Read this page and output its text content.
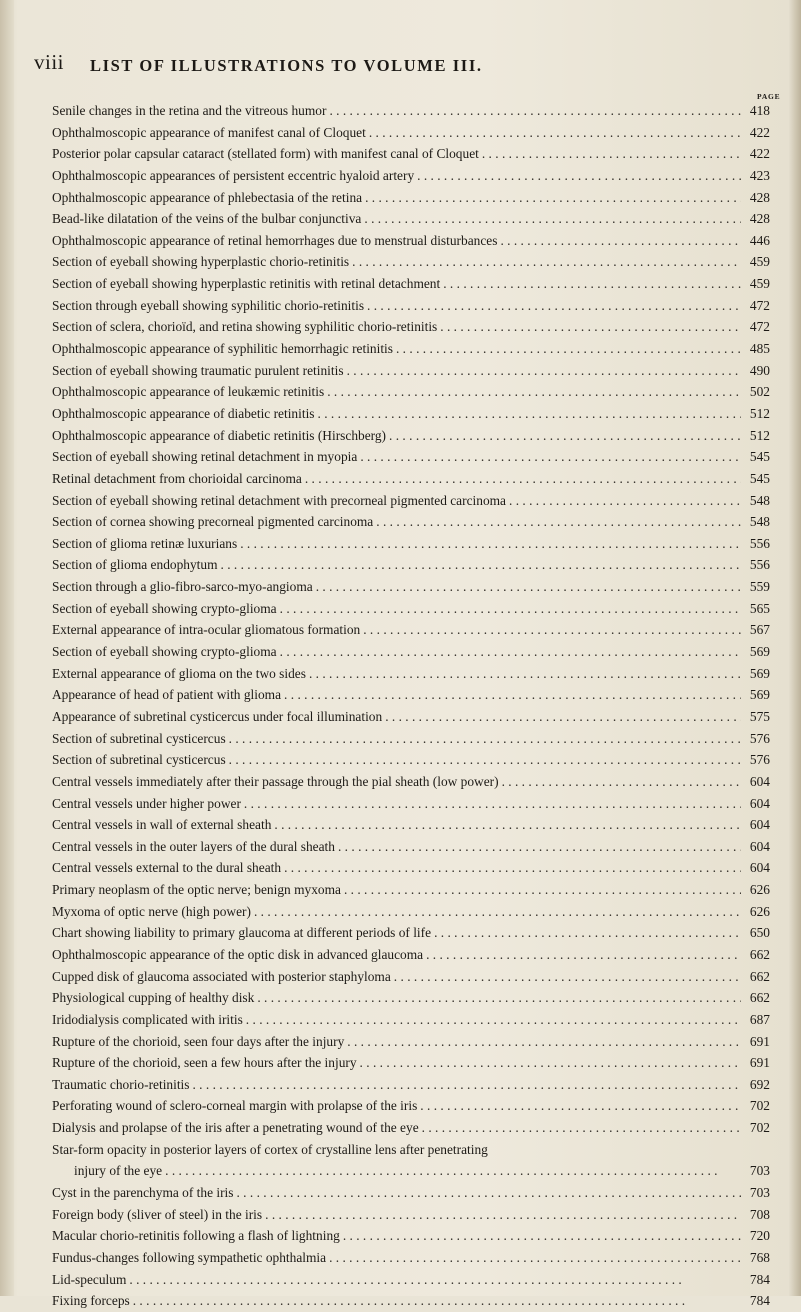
viii LIST OF ILLUSTRATIONS TO VOLUME III.
PAGE
Senile changes in the retina and the vitreous humor . . .	418
Ophthalmoscopic appearance of manifest canal of Cloquet . . .	422
Posterior polar capsular cataract (stellated form) with manifest canal of Cloquet . . .	422
Ophthalmoscopic appearances of persistent eccentric hyaloid artery . . .	423
Ophthalmoscopic appearance of phlebectasia of the retina . . .	428
Bead-like dilatation of the veins of the bulbar conjunctiva . . .	428
Ophthalmoscopic appearance of retinal hemorrhages due to menstrual disturbances . . .	446
Section of eyeball showing hyperplastic chorio-retinitis . . .	459
Section of eyeball showing hyperplastic retinitis with retinal detachment . . .	459
Section through eyeball showing syphilitic chorio-retinitis . . .	472
Section of sclera, chorioïd, and retina showing syphilitic chorio-retinitis . . .	472
Ophthalmoscopic appearance of syphilitic hemorrhagic retinitis . . .	485
Section of eyeball showing traumatic purulent retinitis . . .	490
Ophthalmoscopic appearance of leukæmic retinitis . . .	502
Ophthalmoscopic appearance of diabetic retinitis . . .	512
Ophthalmoscopic appearance of diabetic retinitis (Hirschberg) . . .	512
Section of eyeball showing retinal detachment in myopia . . .	545
Retinal detachment from chorioidal carcinoma . . .	545
Section of eyeball showing retinal detachment with precorneal pigmented carcinoma . . .	548
Section of cornea showing precorneal pigmented carcinoma . . .	548
Section of glioma retinæ luxurians . . .	556
Section of glioma endophytum . . .	556
Section through a glio-fibro-sarco-myo-angioma . . .	559
Section of eyeball showing crypto-glioma . . .	565
External appearance of intra-ocular gliomatous formation . . .	567
Section of eyeball showing crypto-glioma . . .	569
External appearance of glioma on the two sides . . .	569
Appearance of head of patient with glioma . . .	569
Appearance of subretinal cysticercus under focal illumination . . .	575
Section of subretinal cysticercus . . .	576
Section of subretinal cysticercus . . .	576
Central vessels immediately after their passage through the pial sheath (low power) . . .	604
Central vessels under higher power . . .	604
Central vessels in wall of external sheath . . .	604
Central vessels in the outer layers of the dural sheath . . .	604
Central vessels external to the dural sheath . . .	604
Primary neoplasm of the optic nerve; benign myxoma . . .	626
Myxoma of optic nerve (high power) . . .	626
Chart showing liability to primary glaucoma at different periods of life . . .	650
Ophthalmoscopic appearance of the optic disk in advanced glaucoma . . .	662
Cupped disk of glaucoma associated with posterior staphyloma . . .	662
Physiological cupping of healthy disk . . .	662
Iridodialysis complicated with iritis . . .	687
Rupture of the chorioid, seen four days after the injury . . .	691
Rupture of the chorioid, seen a few hours after the injury . . .	691
Traumatic chorio-retinitis . . .	692
Perforating wound of sclero-corneal margin with prolapse of the iris . . .	702
Dialysis and prolapse of the iris after a penetrating wound of the eye . . .	702
Star-form opacity in posterior layers of cortex of crystalline lens after penetrating
injury of the eye . . .	703
Cyst in the parenchyma of the iris . . .	703
Foreign body (sliver of steel) in the iris . . .	708
Macular chorio-retinitis following a flash of lightning . . .	720
Fundus-changes following sympathetic ophthalmia . . .	768
Lid-speculum . . .	784
Fixing forceps . . .	784
